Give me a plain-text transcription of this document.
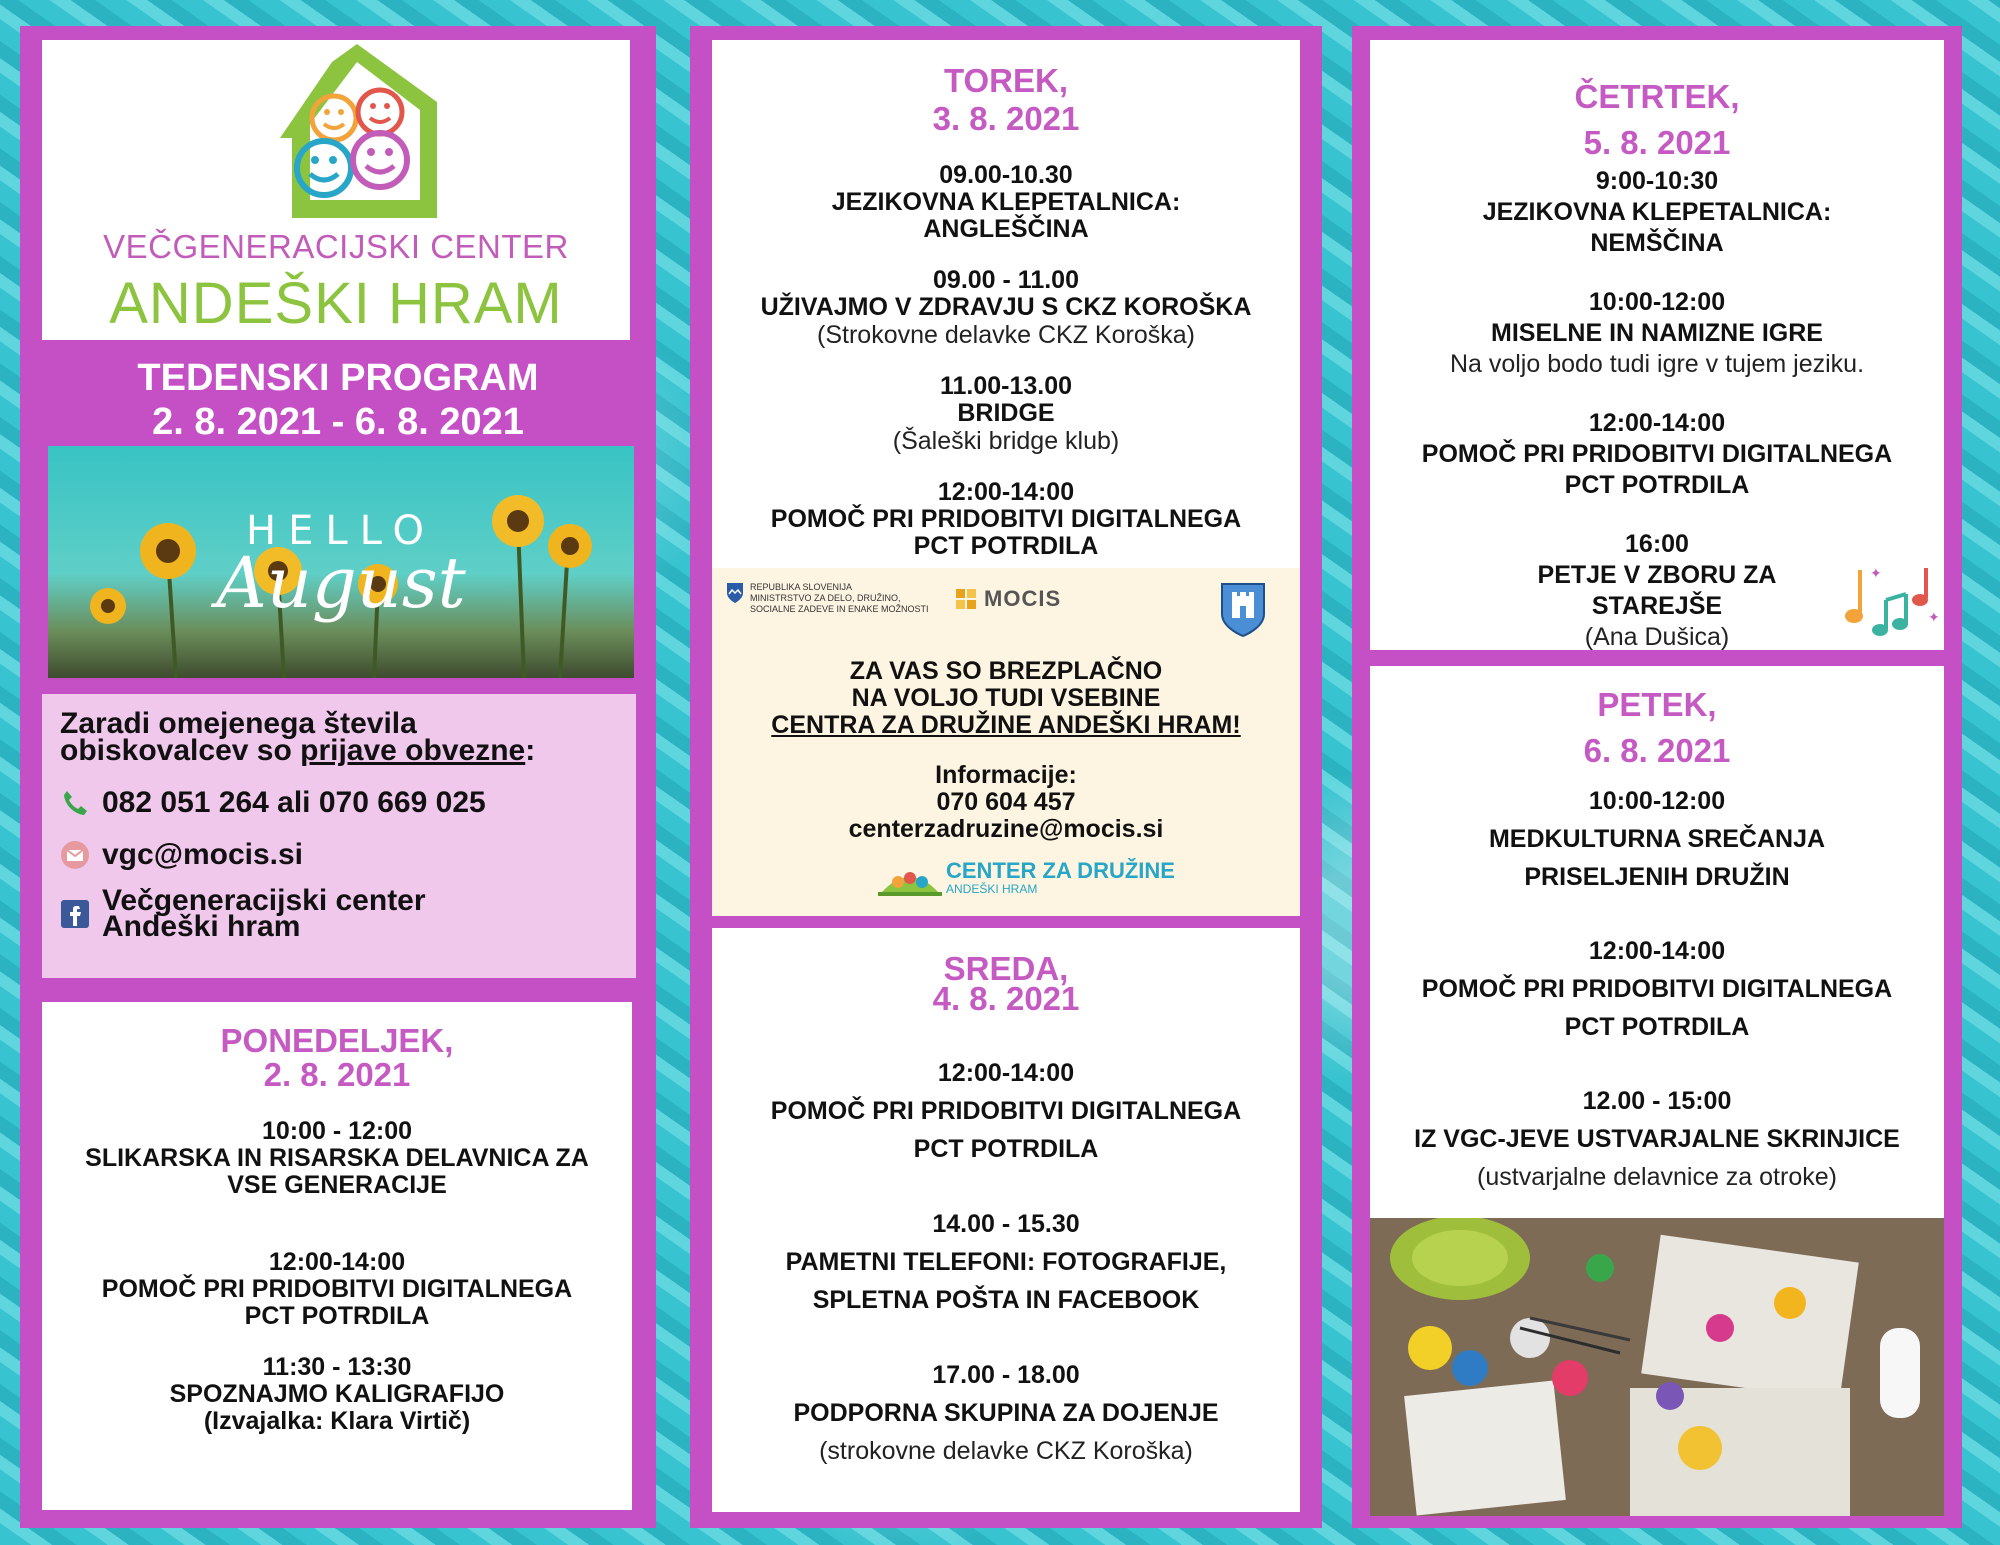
VEČGENERACIJSKI CENTER
ANDEŠKI HRAM
TEDENSKI PROGRAM
2. 8. 2021 - 6. 8. 2021
HELLO
August
Zaradi omejenega števila
obiskovalcev so prijave obvezne:
082 051 264 ali 070 669 025
vgc@mocis.si
Večgeneracijski center
Andeški hram
PONEDELJEK,
2. 8. 2021
10:00 - 12:00
SLIKARSKA IN RISARSKA DELAVNICA ZA
VSE GENERACIJE
12:00-14:00
POMOČ PRI PRIDOBITVI DIGITALNEGA
PCT POTRDILA
11:30 - 13:30
SPOZNAJMO KALIGRAFIJO
(Izvajalka: Klara Virtič)
TOREK,
3. 8. 2021
09.00-10.30
JEZIKOVNA KLEPETALNICA:
ANGLEŠČINA
09.00 - 11.00
UŽIVAJMO V ZDRAVJU S CKZ KOROŠKA
(Strokovne delavke CKZ Koroška)
11.00-13.00
BRIDGE
(Šaleški bridge klub)
12:00-14:00
POMOČ PRI PRIDOBITVI DIGITALNEGA
PCT POTRDILA
REPUBLIKA SLOVENIJA
MINISTRSTVO ZA DELO, DRUŽINO,
SOCIALNE ZADEVE IN ENAKE MOŽNOSTI	MOCIS
ZA VAS SO BREZPLAČNO
NA VOLJO TUDI VSEBINE
CENTRA ZA DRUŽINE ANDEŠKI HRAM!
Informacije:
070 604 457
centerzadruzine@mocis.si
CENTER ZA DRUŽINE
ANDEŠKI HRAM
SREDA,
4. 8. 2021
12:00-14:00
POMOČ PRI PRIDOBITVI DIGITALNEGA
PCT POTRDILA
14.00 - 15.30
PAMETNI TELEFONI: FOTOGRAFIJE,
SPLETNA POŠTA IN FACEBOOK
17.00 - 18.00
PODPORNA SKUPINA ZA DOJENJE
(strokovne delavke CKZ Koroška)
ČETRTEK,
5. 8. 2021
9:00-10:30
JEZIKOVNA KLEPETALNICA:
NEMŠČINA
10:00-12:00
MISELNE IN NAMIZNE IGRE
Na voljo bodo tudi igre v tujem jeziku.
12:00-14:00
POMOČ PRI PRIDOBITVI DIGITALNEGA
PCT POTRDILA
16:00
PETJE V ZBORU ZA
STAREJŠE
(Ana Dušica)
✦
✦
PETEK,
6. 8. 2021
10:00-12:00
MEDKULTURNA SREČANJA
PRISELJENIH DRUŽIN
12:00-14:00
POMOČ PRI PRIDOBITVI DIGITALNEGA
PCT POTRDILA
12.00 - 15:00
IZ VGC-JEVE USTVARJALNE SKRINJICE
(ustvarjalne delavnice za otroke)
